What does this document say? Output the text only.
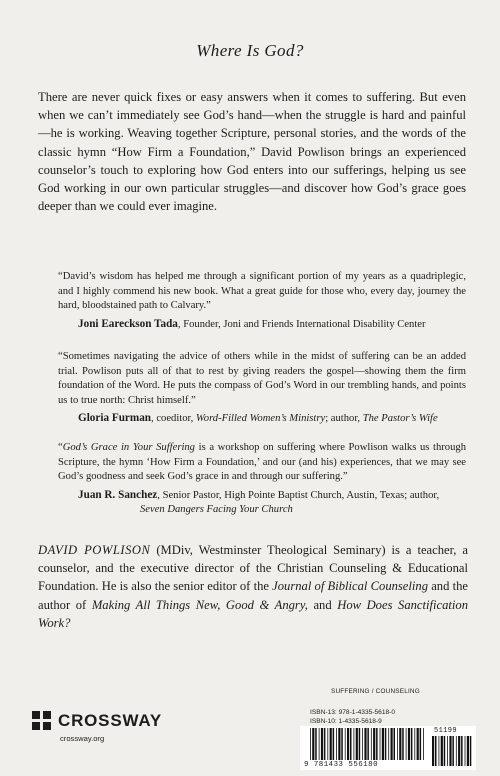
Where Is God?
There are never quick fixes or easy answers when it comes to suffering. But even when we can’t immediately see God’s hand—when the struggle is hard and painful—he is working. Weaving together Scripture, personal stories, and the words of the classic hymn “How Firm a Foundation,” David Powlison brings an experienced counselor’s touch to exploring how God enters into our sufferings, helping us see God working in our own particular struggles—and discover how God’s grace goes deeper than we could ever imagine.
“David’s wisdom has helped me through a significant portion of my years as a quadriplegic, and I highly commend his new book. What a great guide for those who, every day, journey the hard, bloodstained path to Calvary.”
Joni Eareckson Tada, Founder, Joni and Friends International Disability Center
“Sometimes navigating the advice of others while in the midst of suffering can be an added trial. Powlison puts all of that to rest by giving readers the gospel—showing them the firm foundation of the Word. He puts the compass of God’s Word in our trembling hands, and points us to true north: Christ himself.”
Gloria Furman, coeditor, Word-Filled Women’s Ministry; author, The Pastor’s Wife
“God’s Grace in Your Suffering is a workshop on suffering where Powlison walks us through Scripture, the hymn ‘How Firm a Foundation,’ and our (and his) experiences, that we may see God’s goodness and seek God’s grace in and through our suffering.”
Juan R. Sanchez, Senior Pastor, High Pointe Baptist Church, Austin, Texas; author,
Seven Dangers Facing Your Church
DAVID POWLISON (MDiv, Westminster Theological Seminary) is a teacher, a counselor, and the executive director of the Christian Counseling & Educational Foundation. He is also the senior editor of the Journal of Biblical Counseling and the author of Making All Things New, Good & Angry, and How Does Sanctification Work?
SUFFERING / COUNSELING
CROSSWAY
crossway.org
ISBN-13: 978-1-4335-5618-0
ISBN-10: 1-4335-5618-9
9 781433 556180
51199
